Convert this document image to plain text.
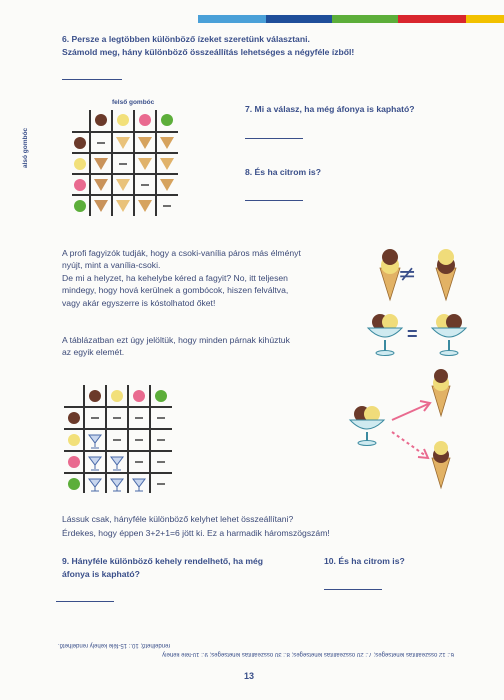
6. Persze a legtöbben különböző ízeket szeretünk választani.
Számold meg, hány különböző összeállítás lehetséges a négyféle ízből!
felső gombóc
alsó gombóc
7. Mi a válasz, ha még áfonya is kapható?
8. És ha citrom is?
A profi fagyizók tudják, hogy a csoki-vanília páros más élményt
nyújt, mint a vanília-csoki.
De mi a helyzet, ha kehelybe kéred a fagyit? No, itt teljesen
mindegy, hogy hová kerülnek a gombócok, hiszen felváltva,
vagy akár egyszerre is kóstolhatod őket!
A táblázatban ezt úgy jelöltük, hogy minden párnak kihúztuk
az egyik elemét.
≠
=
Lássuk csak, hányféle különböző kelyhet lehet összeállítani?
Érdekes, hogy éppen 3+2+1=6 jött ki. Ez a harmadik háromszögszám!
9. Hányféle különböző kehely rendelhető, ha még
áfonya is kapható?
10. És ha citrom is?
6.: 12 összeállítás lehetséges; 7.: 20 összeállítás lehetséges; 8.: 30 összeállítás lehetséges; 9.: 10-féle kehely
rendelhető; 10.: 15-féle kehely rendelhető.
13
